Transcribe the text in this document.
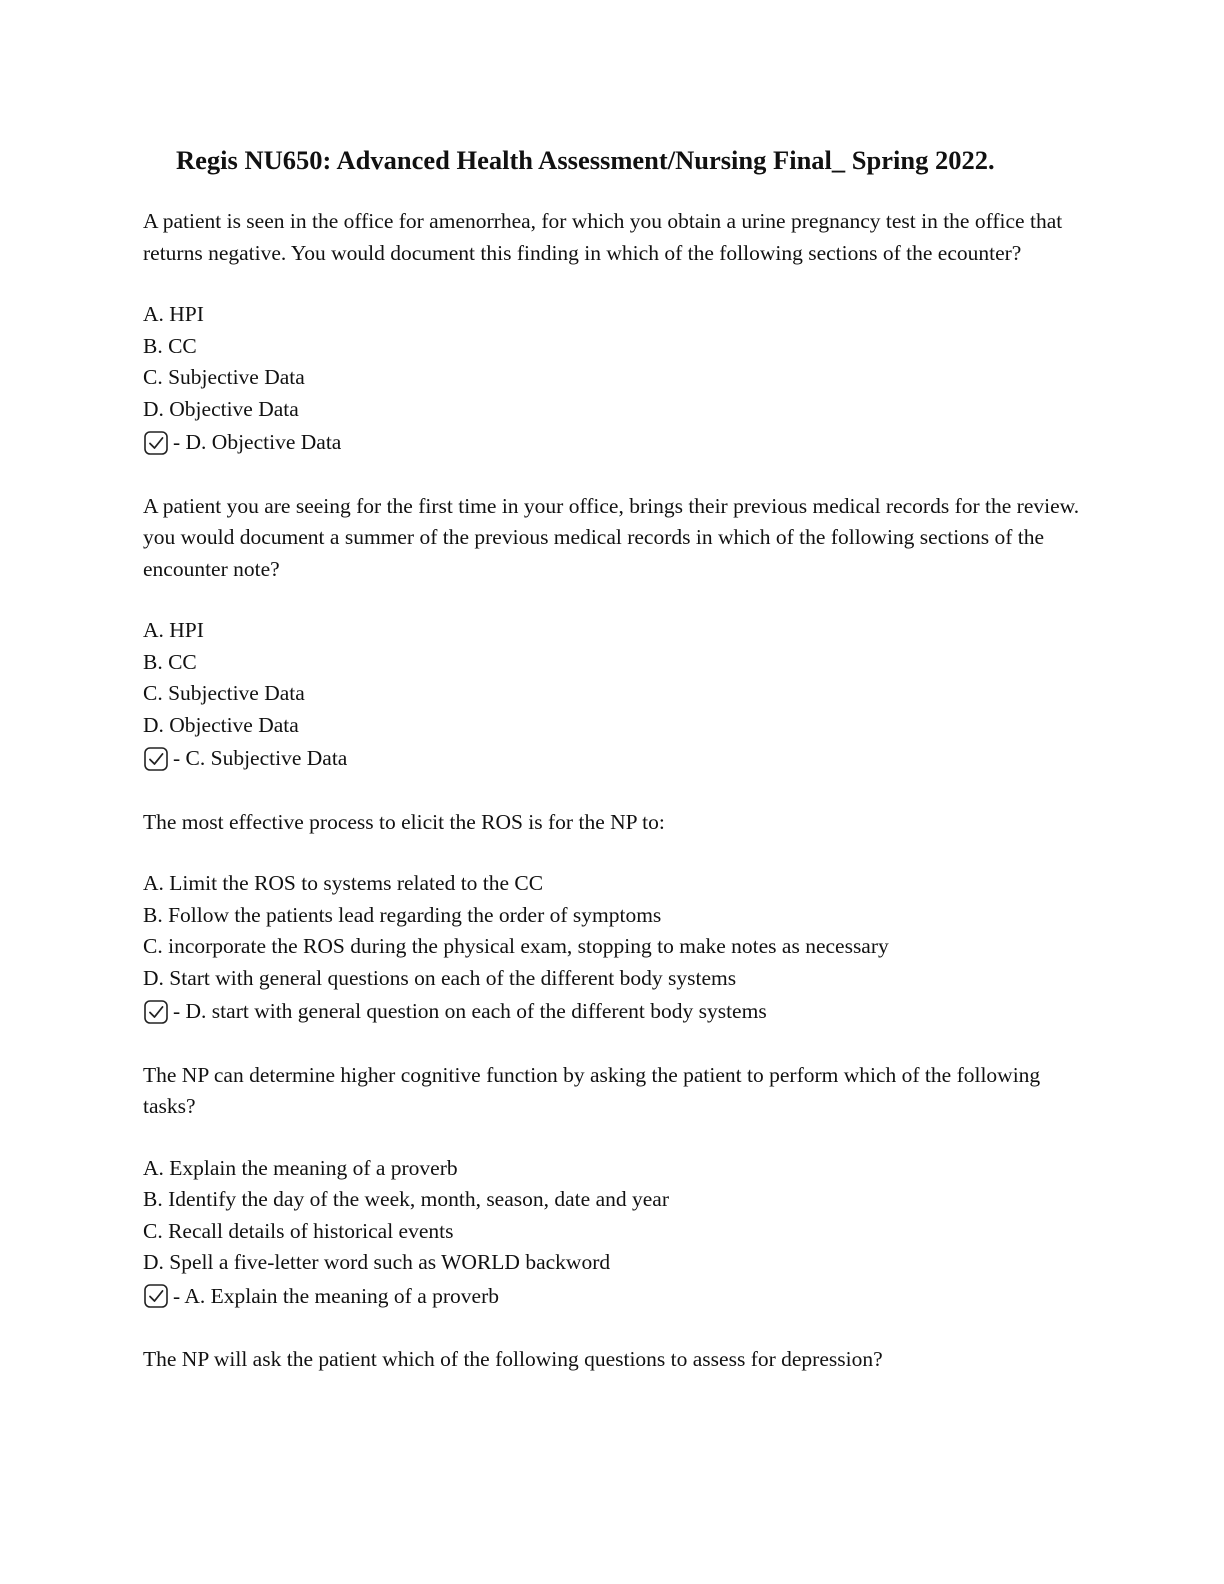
Regis NU650: Advanced Health Assessment/Nursing Final_ Spring 2022.

A patient is seen in the office for amenorrhea, for which you obtain a urine pregnancy test in the office that returns negative. You would document this finding in which of the following sections of the ecounter?

A. HPI
B. CC
C. Subjective Data
D. Objective Data
- D. Objective Data

A patient you are seeing for the first time in your office, brings their previous medical records for the review. you would document a summer of the previous medical records in which of the following sections of the encounter note?

A. HPI
B. CC
C. Subjective Data
D. Objective Data
- C. Subjective Data

The most effective process to elicit the ROS is for the NP to:

A. Limit the ROS to systems related to the CC
B. Follow the patients lead regarding the order of symptoms
C. incorporate the ROS during the physical exam, stopping to make notes as necessary
D. Start with general questions on each of the different body systems
- D. start with general question on each of the different body systems

The NP can determine higher cognitive function by asking the patient to perform which of the following tasks?

A. Explain the meaning of a proverb
B. Identify the day of the week, month, season, date and year
C. Recall details of historical events
D. Spell a five-letter word such as WORLD backword
- A. Explain the meaning of a proverb

The NP will ask the patient which of the following questions to assess for depression?
